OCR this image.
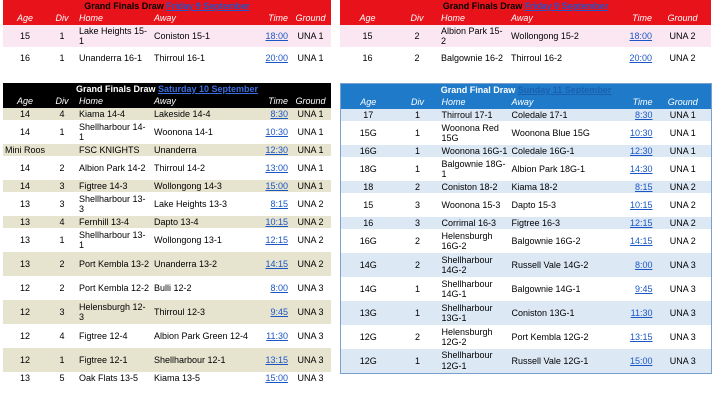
Grand Finals Draw Friday 9 September					
Age	Div	Home	Away	Time	Ground
15	1	Lake Heights 15-1	Coniston 15-1	18:00	UNA 1
16	1	Unanderra 16-1	Thirroul 16-1	20:00	UNA 1
Grand Finals Draw Friday 9 September					
Age	Div	Home	Away	Time	Ground
15	2	Albion Park 15-2	Wollongong 15-2	18:00	UNA 2
16	2	Balgownie 16-2	Thirroul 16-2	20:00	UNA 2
Grand Finals Draw Saturday 10 September					
Age	Div	Home	Away	Time	Ground
14	4	Kiama 14-4	Lakeside 14-4	8:30	UNA 1
14	1	Shellharbour 14-1	Woonona 14-1	10:30	UNA 1
Mini Roos		FSC KNIGHTS	Unanderra	12:30	UNA 1
14	2	Albion Park 14-2	Thirroul 14-2	13:00	UNA 1
14	3	Figtree 14-3	Wollongong 14-3	15:00	UNA 1
13	3	Shellharbour 13-3	Lake Heights 13-3	8:15	UNA 2
13	4	Fernhill 13-4	Dapto 13-4	10:15	UNA 2
13	1	Shellharbour 13-1	Wollongong 13-1	12:15	UNA 2
13	2	Port Kembla 13-2	Unanderra 13-2	14:15	UNA 2
12	2	Port Kembla 12-2	Bulli 12-2	8:00	UNA 3
12	3	Helensburgh 12-3	Thirroul 12-3	9:45	UNA 3
12	4	Figtree 12-4	Albion Park Green 12-4	11:30	UNA 3
12	1	Figtree 12-1	Shellharbour 12-1	13:15	UNA 3
13	5	Oak Flats 13-5	Kiama 13-5	15:00	UNA 3
Grand Final Draw Sunday 11 September					
Age	Div	Home	Away	Time	Ground
17	1	Thirroul 17-1	Coledale 17-1	8:30	UNA 1
15G	1	Woonona Red 15G	Woonona Blue 15G	10:30	UNA 1
16G	1	Woonona 16G-1	Coledale 16G-1	12:30	UNA 1
18G	1	Balgownie 18G-1	Albion Park 18G-1	14:30	UNA 1
18	2	Coniston 18-2	Kiama 18-2	8:15	UNA 2
15	3	Woonona 15-3	Dapto 15-3	10:15	UNA 2
16	3	Corrimal 16-3	Figtree 16-3	12:15	UNA 2
16G	2	Helensburgh 16G-2	Balgownie 16G-2	14:15	UNA 2
14G	2	Shellharbour 14G-2	Russell Vale 14G-2	8:00	UNA 3
14G	1	Shellharbour 14G-1	Balgownie 14G-1	9:45	UNA 3
13G	1	Shellharbour 13G-1	Coniston 13G-1	11:30	UNA 3
12G	2	Helensburgh 12G-2	Port Kembla 12G-2	13:15	UNA 3
12G	1	Shellharbour 12G-1	Russell Vale 12G-1	15:00	UNA 3
